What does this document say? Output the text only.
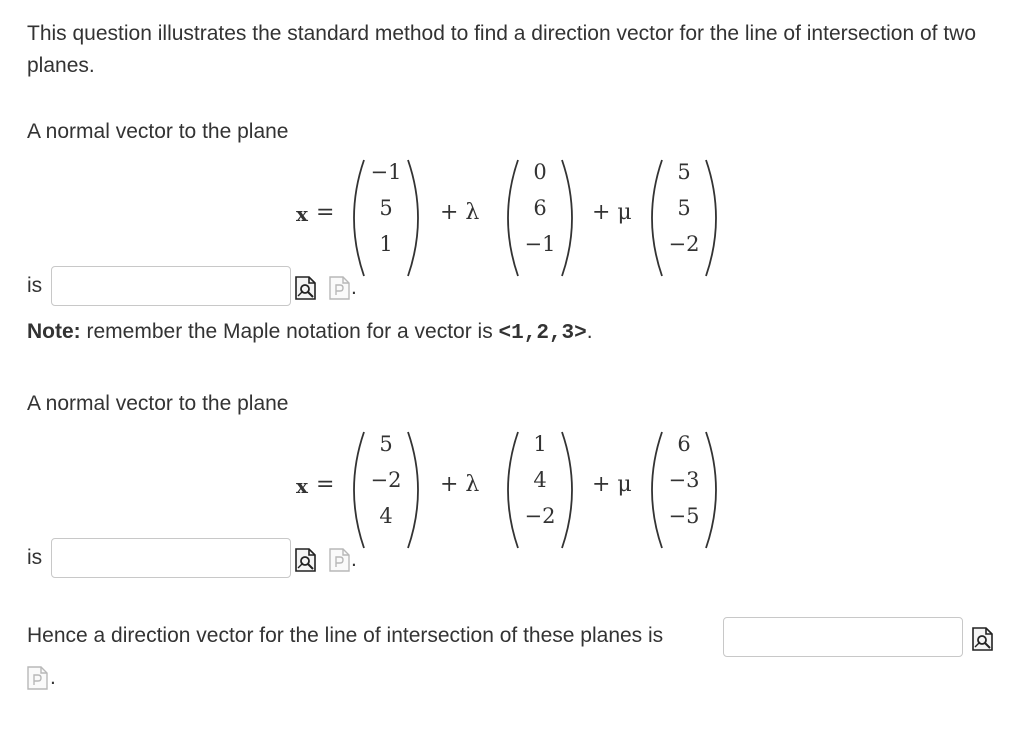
This question illustrates the standard method to find a direction vector for the line of intersection of two planes.
A normal vector to the plane
x =
−1
5
1
+ λ
0
6
−1
+ μ
5
5
−2
is	.
Note: remember the Maple notation for a vector is <1,2,3>.
A normal vector to the plane
x =
5
−2
4
+ λ
1
4
−2
+ μ
6
−3
−5
is	.
Hence a direction vector for the line of intersection of these planes is
.
